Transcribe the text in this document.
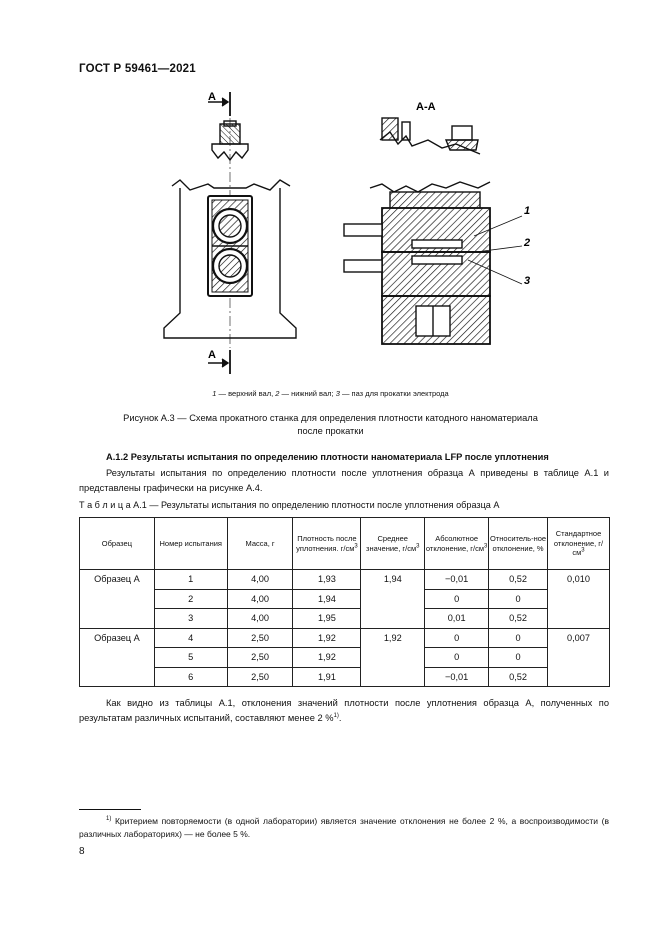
ГОСТ Р 59461—2021
А
А
А-А
1
2
3
1 — верхний вал, 2 — нижний вал; 3 — паз для прокатки электрода
Рисунок А.3 — Схема прокатного станка для определения плотности катодного наноматериала после прокатки
А.1.2 Результаты испытания по определению плотности наноматериала LFP после уплотнения
Результаты испытания по определению плотности после уплотнения образца А приведены в таблице А.1 и представлены графически на рисунке А.4.
Т а б л и ц а А.1 — Результаты испытания по определению плотности после уплотнения образца А
Образец	Номер испытания	Масса, г	Плотность после уплотнения. $г/см^3$	Среднее значение, $г/см^3$	Абсолютное отклонение, $г/см^3$	Относитель-ное отклонение, %	Стандартное отклонение, $г/см^3$
Образец А	1	4,00	1,93	1,94	−0,01	0,52	0,010
	2	4,00	1,94		0	0	
	3	4,00	1,95		0,01	0,52	
Образец А	4	2,50	1,92	1,92	0	0	0,007
	5	2,50	1,92		0	0	
	6	2,50	1,91		−0,01	0,52	
Как видно из таблицы А.1, отклонения значений плотности после уплотнения образца А, полученных по результатам различных испытаний, составляют менее 2 %$^{1)}$.
$^{1)}$ Критерием повторяемости (в одной лаборатории) является значение отклонения не более 2 %, а воспроизводимости (в различных лабораториях) — не более 5 %.
8
